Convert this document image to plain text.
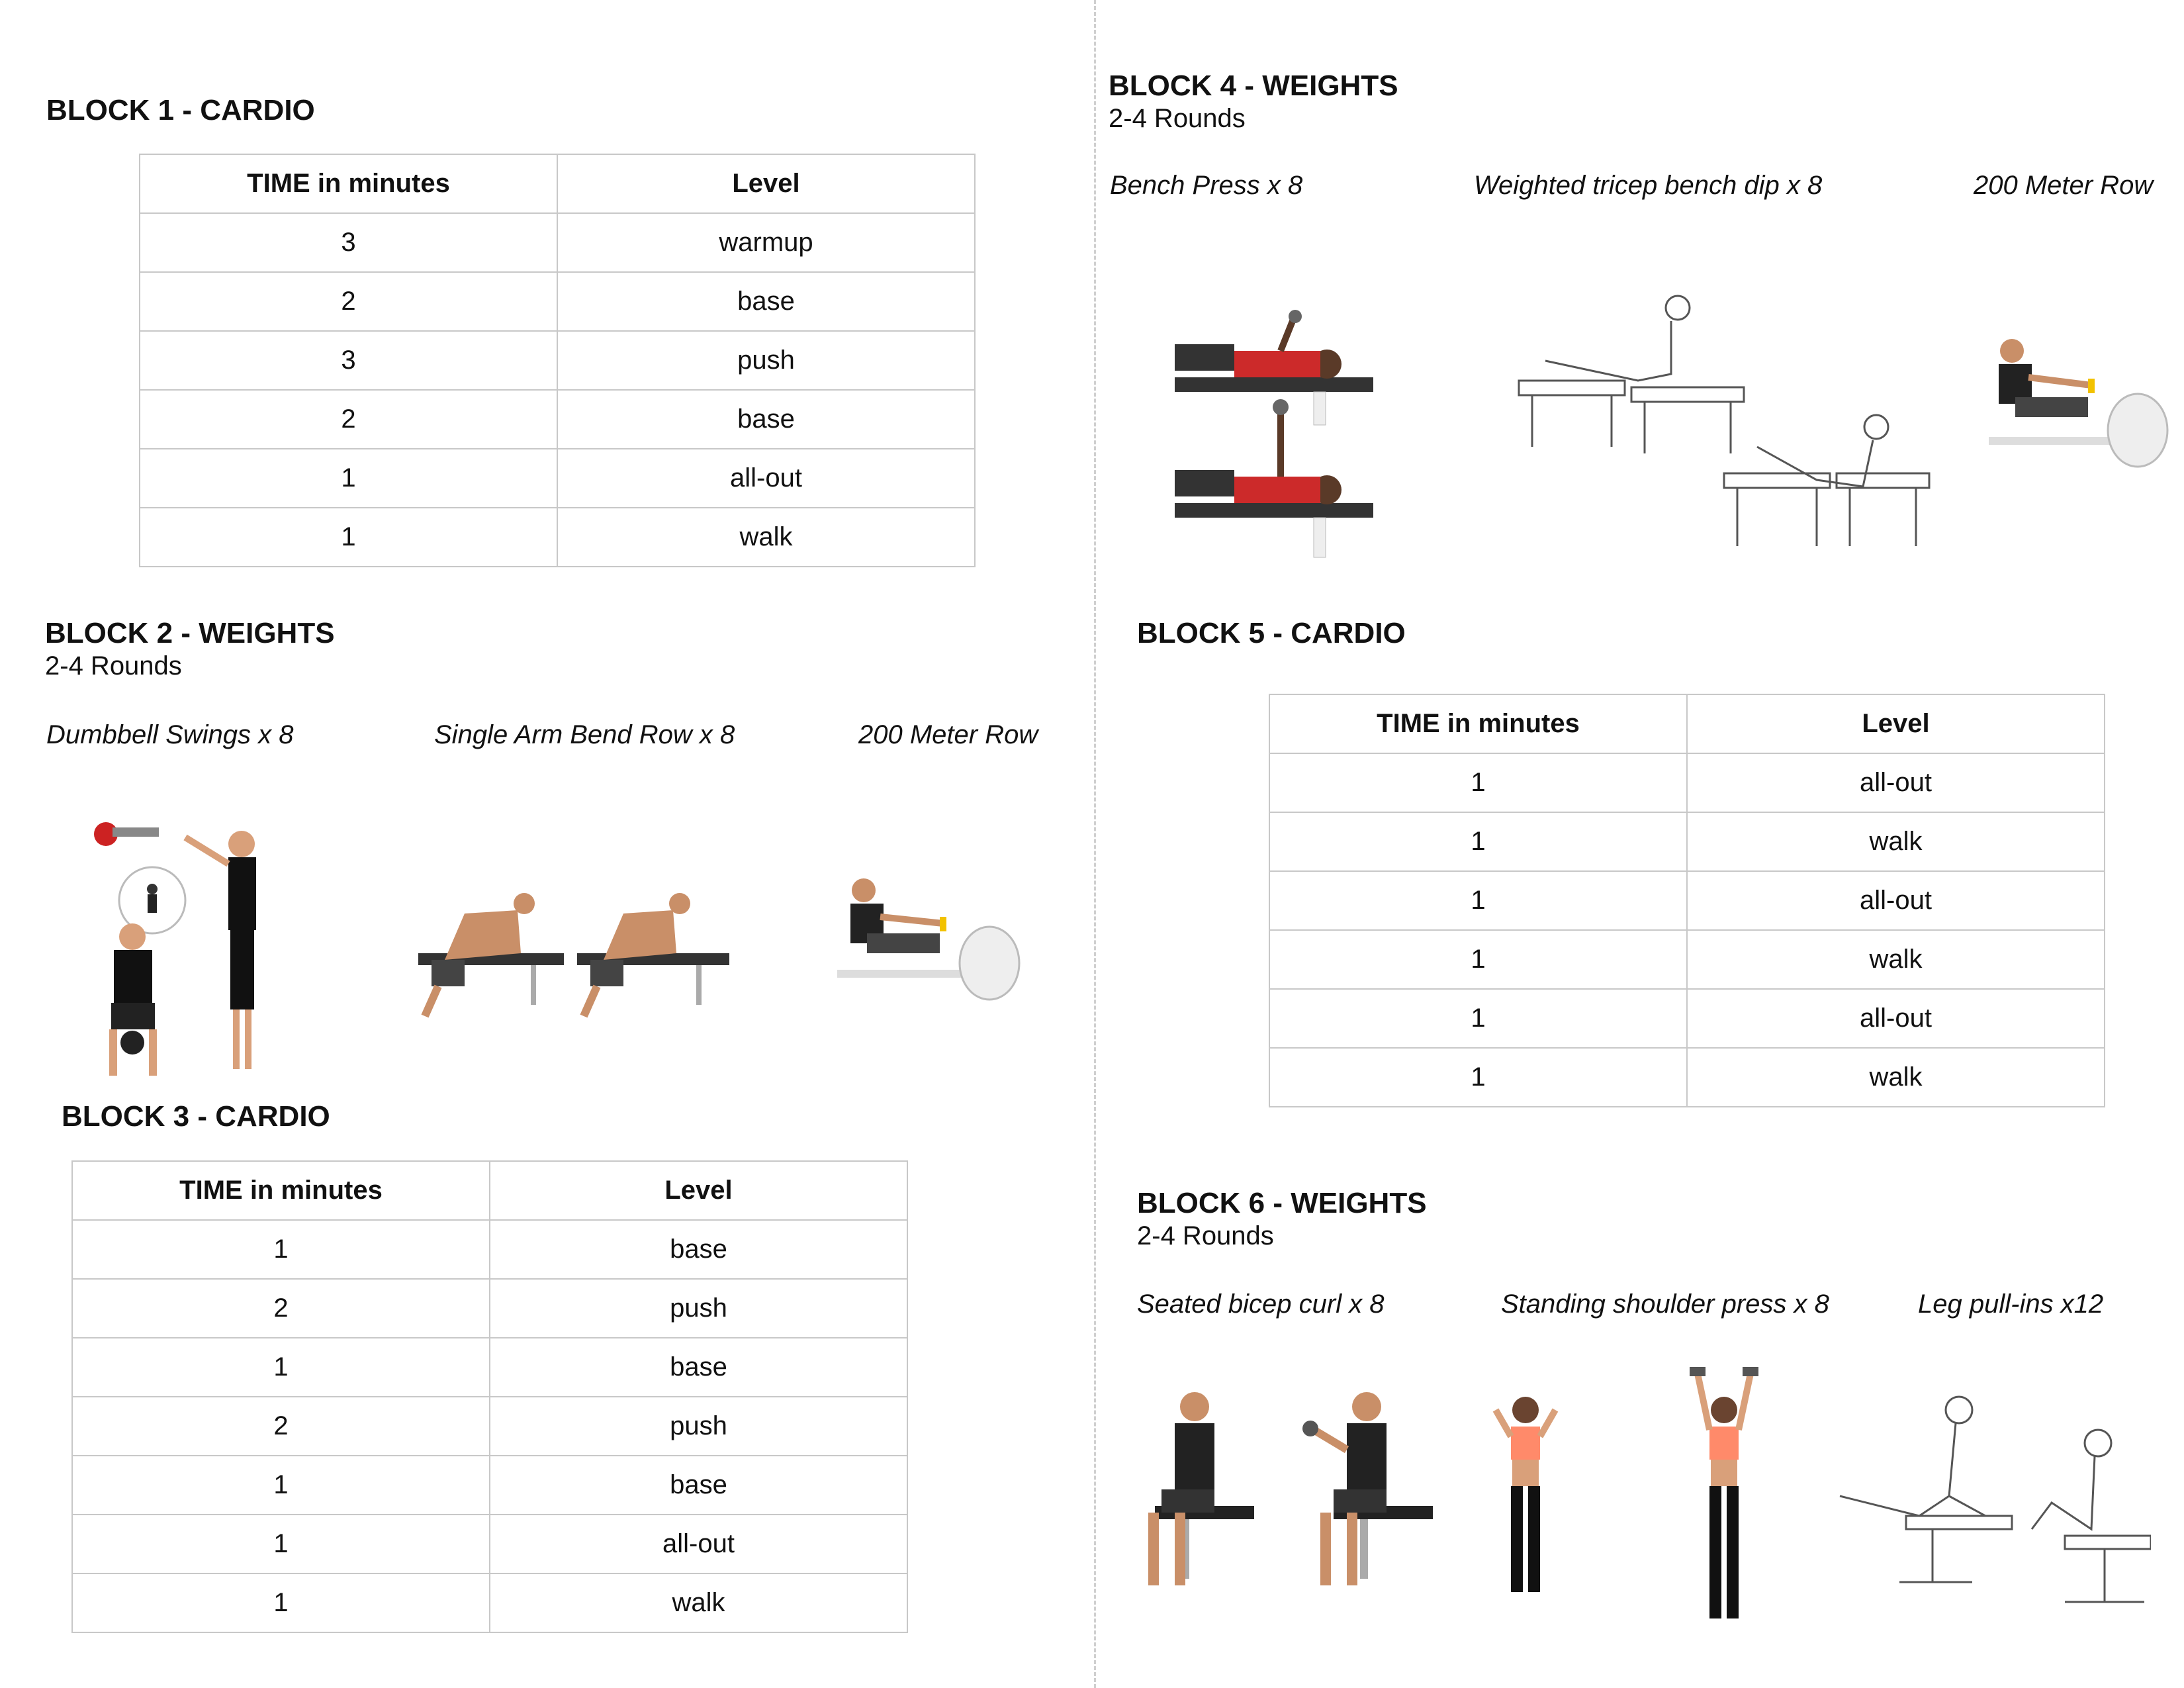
BLOCK 1 - CARDIO
TIME in minutes	Level
3	warmup
2	base
3	push
2	base
1	all-out
1	walk
BLOCK 2 - WEIGHTS
2-4 Rounds
Dumbbell Swings x 8	Single Arm Bend Row x 8	200 Meter Row
BLOCK 3 - CARDIO
TIME in minutes	Level
1	base
2	push
1	base
2	push
1	base
1	all-out
1	walk
BLOCK 4 - WEIGHTS
2-4 Rounds
Bench Press x 8	Weighted tricep bench dip x 8	200 Meter Row
BLOCK 5 - CARDIO
TIME in minutes	Level
1	all-out
1	walk
1	all-out
1	walk
1	all-out
1	walk
BLOCK 6 - WEIGHTS
2-4 Rounds
Seated bicep curl x 8	Standing shoulder press x 8	Leg pull-ins x12
